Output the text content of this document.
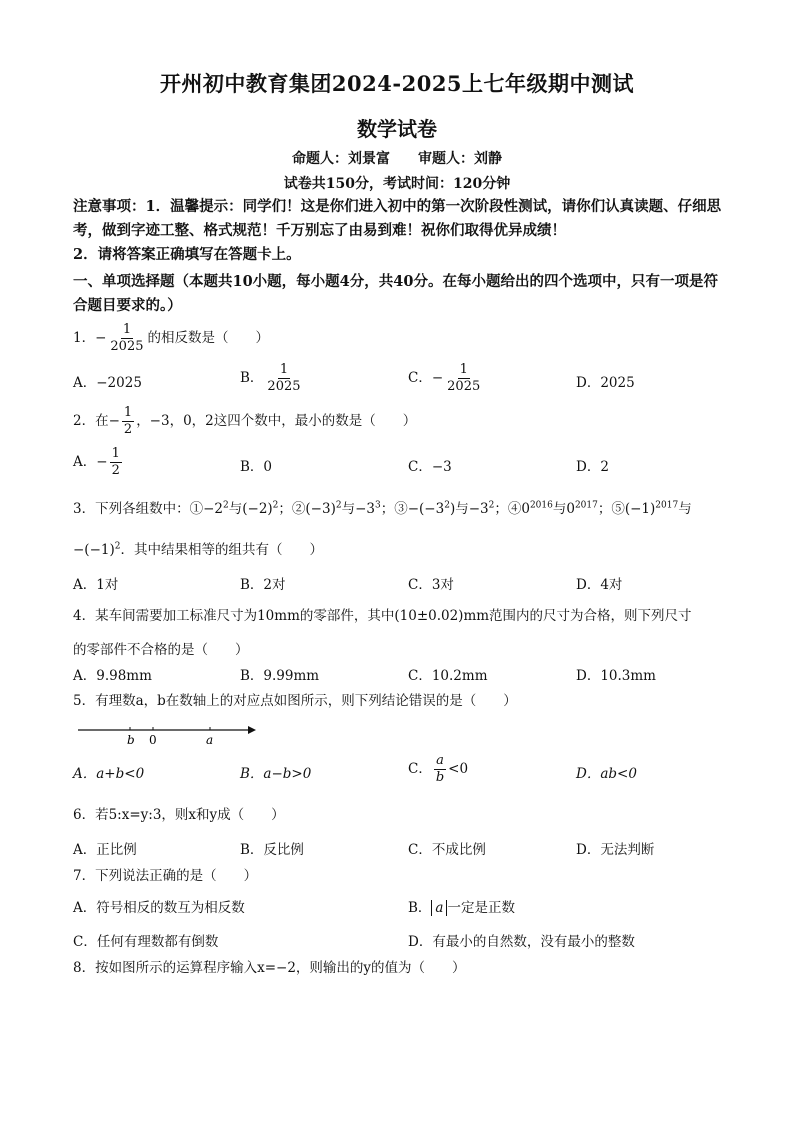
开州初中教育集团2024-2025上七年级期中测试
数学试卷
命题人：刘景富　　审题人：刘静
试卷共150分，考试时间：120分钟
注意事项：1．温馨提示：同学们！这是你们进入初中的第一次阶段性测试，请你们认真读题、仔细思考，做到字迹工整、格式规范！千万别忘了由易到难！祝你们取得优异成绩！
2．请将答案正确填写在答题卡上。
一、单项选择题（本题共10小题，每小题4分，共40分。在每小题给出的四个选项中，只有一项是符合题目要求的。）
1．− $\frac{1}{2025}$ 的相反数是（　　）
A．−2025	B． $\frac{1}{2025}$	C．− $\frac{1}{2025}$	D．2025
2．在− $\frac{1}{2}$ ，−3，0，2这四个数中，最小的数是（　　）
A．− $\frac{1}{2}$	B．0	C．−3	D．2
3．下列各组数中：$①-2^2$与$(-2)^2$；$②(-3)^2$与$-3^3$；$③-(-3^2)$与$-3^2$；$④0^{2016}$与$0^{2017}$；$⑤(-1)^{2017}$与
$-(-1)^2$．其中结果相等的组共有（　　）
A．1对	B．2对	C．3对	D．4对
4．某车间需要加工标准尺寸为10mm的零部件，其中(10±0.02)mm范围内的尺寸为合格，则下列尺寸
的零部件不合格的是（　　）
A．9.98mm	B．9.99mm	C．10.2mm	D．10.3mm
5．有理数a，b在数轴上的对应点如图所示，则下列结论错误的是（　　）
b 0	a
A．a+b<0	B．a−b>0	C． $\frac{a}{b} <0$	D．ab<0
6．若5:x=y:3，则x和y成（　　）
A．正比例	B．反比例	C．不成比例	D．无法判断
7．下列说法正确的是（　　）
A．符号相反的数互为相反数	B． a 一定是正数
C．任何有理数都有倒数	D．有最小的自然数，没有最小的整数
8．按如图所示的运算程序输入x=−2，则输出的y的值为（　　）
